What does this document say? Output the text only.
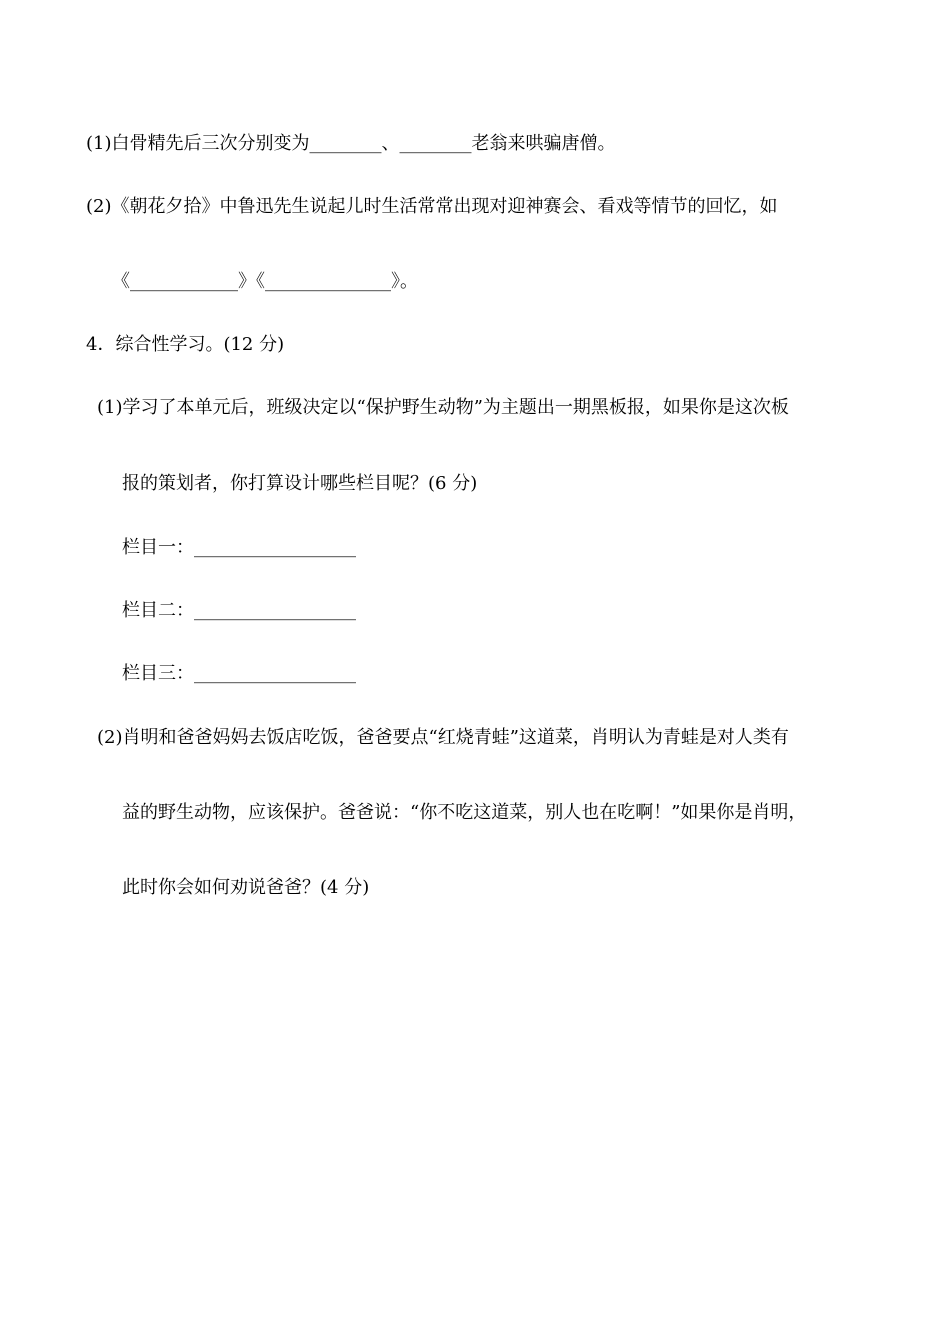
(1)白骨精先后三次分别变为________、________老翁来哄骗唐僧。
(2)《朝花夕拾》中鲁迅先生说起儿时生活常常出现对迎神赛会、看戏等情节的回忆，如
《____________》《______________》。
4．综合性学习。(12 分)
(1)学习了本单元后，班级决定以“保护野生动物”为主题出一期黑板报，如果你是这次板
报的策划者，你打算设计哪些栏目呢？(6 分)
栏目一：__________________
栏目二：__________________
栏目三：__________________
(2)肖明和爸爸妈妈去饭店吃饭，爸爸要点“红烧青蛙”这道菜，肖明认为青蛙是对人类有
益的野生动物，应该保护。爸爸说：“你不吃这道菜，别人也在吃啊！”如果你是肖明，
此时你会如何劝说爸爸？(4 分)
